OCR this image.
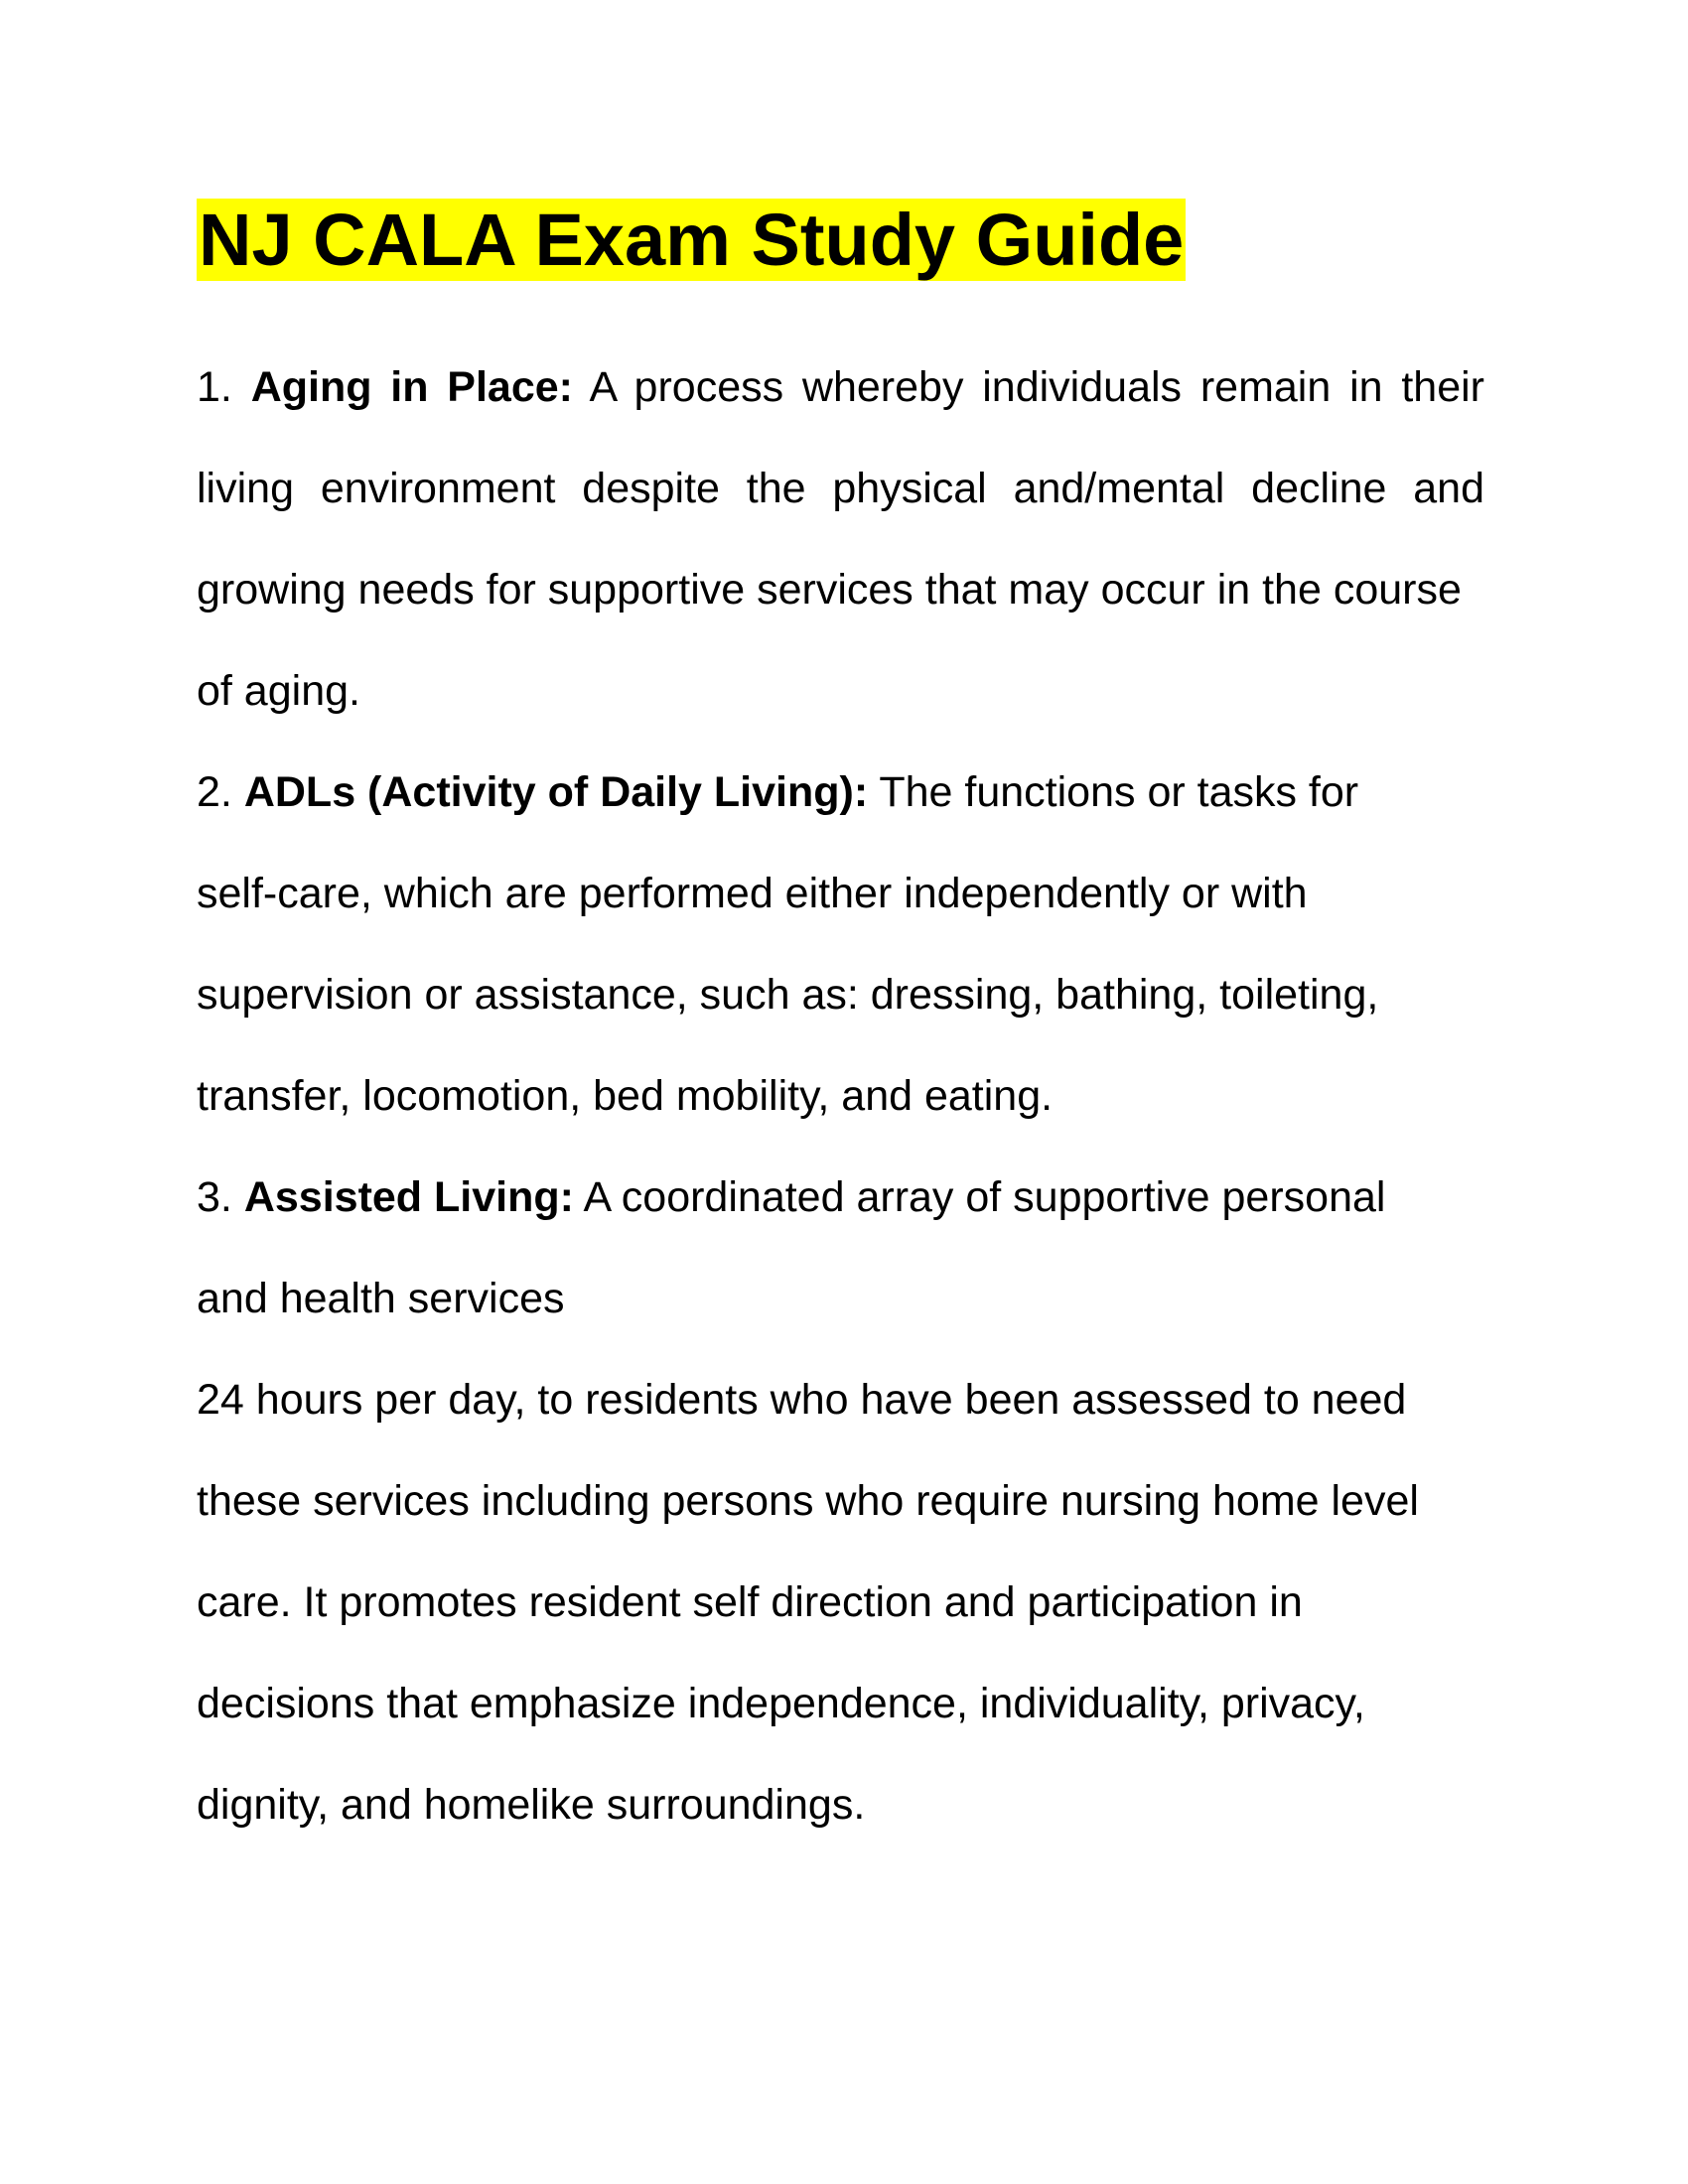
NJ CALA Exam Study Guide

1. Aging in Place: A process whereby individuals remain in their

living environment despite the physical and/mental decline and

growing needs for supportive services that may occur in the course

of aging.

2. ADLs (Activity of Daily Living): The functions or tasks for

self-care, which are performed either independently or with

supervision or assistance, such as: dressing, bathing, toileting,

transfer, locomotion, bed mobility, and eating.

3. Assisted Living: A coordinated array of supportive personal

and health services

24 hours per day, to residents who have been assessed to need

these services including persons who require nursing home level

care. It promotes resident self direction and participation in

decisions that emphasize independence, individuality, privacy,

dignity, and homelike surroundings.
